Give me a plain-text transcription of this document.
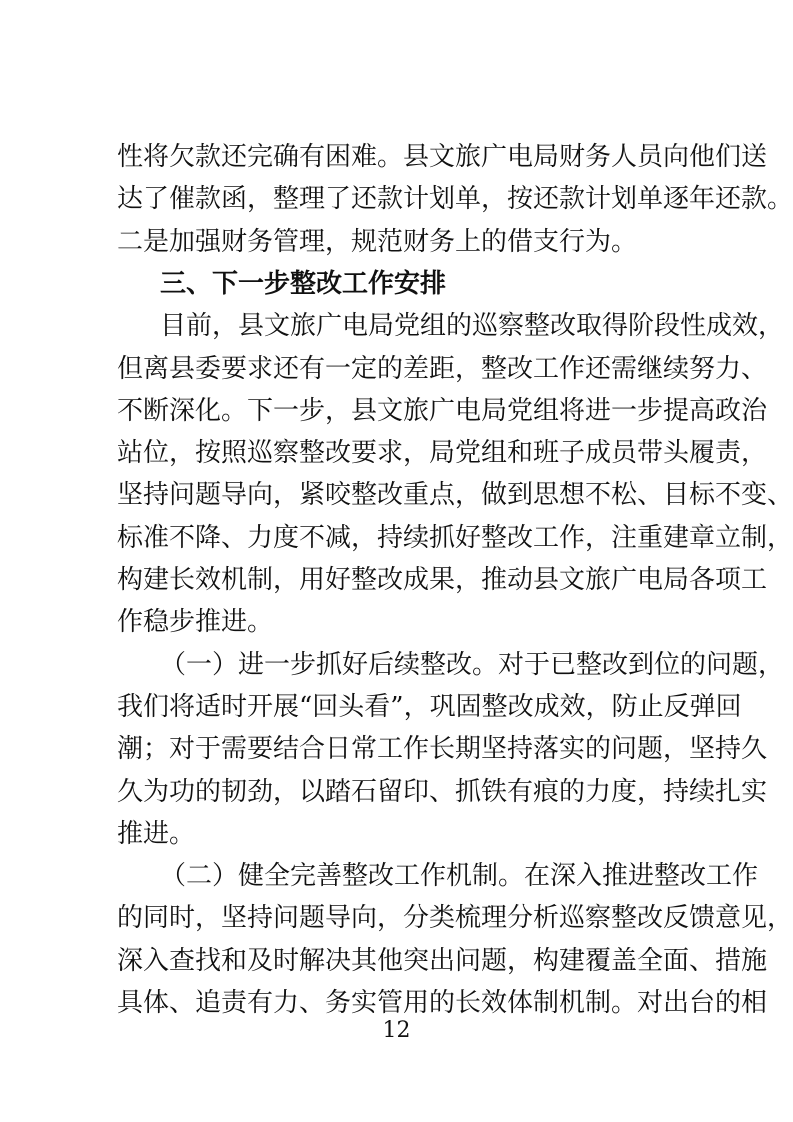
性将欠款还完确有困难。县文旅广电局财务人员向他们送
达了催款函，整理了还款计划单，按还款计划单逐年还款。
二是加强财务管理，规范财务上的借支行为。
三、下一步整改工作安排
目前，县文旅广电局党组的巡察整改取得阶段性成效，
但离县委要求还有一定的差距，整改工作还需继续努力、
不断深化。下一步，县文旅广电局党组将进一步提高政治
站位，按照巡察整改要求，局党组和班子成员带头履责，
坚持问题导向，紧咬整改重点，做到思想不松、目标不变、
标准不降、力度不减，持续抓好整改工作，注重建章立制，
构建长效机制，用好整改成果，推动县文旅广电局各项工
作稳步推进。
（一）进一步抓好后续整改。对于已整改到位的问题，
我们将适时开展“回头看”，巩固整改成效，防止反弹回
潮；对于需要结合日常工作长期坚持落实的问题，坚持久
久为功的韧劲，以踏石留印、抓铁有痕的力度，持续扎实
推进。
（二）健全完善整改工作机制。在深入推进整改工作
的同时，坚持问题导向，分类梳理分析巡察整改反馈意见，
深入查找和及时解决其他突出问题，构建覆盖全面、措施
具体、追责有力、务实管用的长效体制机制。对出台的相
12
